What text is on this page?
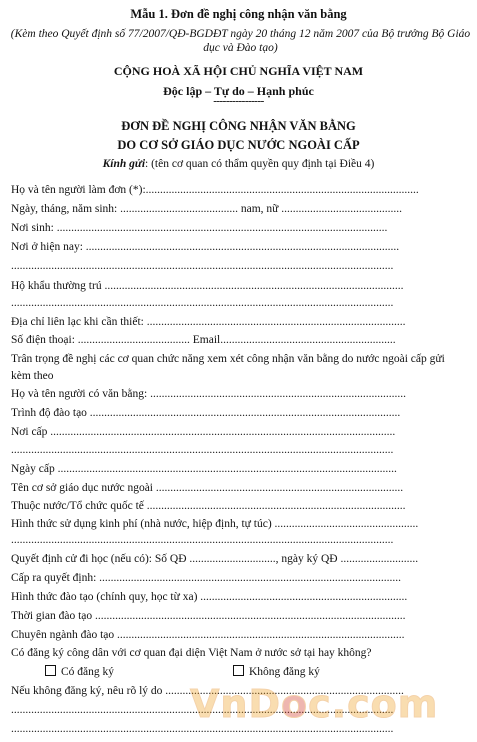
Mẫu 1. Đơn đề nghị công nhận văn bằng
(Kèm theo Quyết định số 77/2007/QĐ-BGDĐT ngày 20 tháng 12 năm 2007 của Bộ trưởng Bộ Giáo dục và Đào tạo)
CỘNG HOÀ XÃ HỘI CHỦ NGHĨA VIỆT NAM
Độc lập – Tự do – Hạnh phúc
----------------
ĐƠN ĐỀ NGHỊ CÔNG NHẬN VĂN BẰNG
DO CƠ SỞ GIÁO DỤC NƯỚC NGOÀI CẤP
Kính gửi: (tên cơ quan có thẩm quyền quy định tại Điều 4)
Họ và tên người làm đơn (*):...............................................................................................
Ngày, tháng, năm sinh: ......................................... nam, nữ ..........................................
Nơi sinh: ...................................................................................................................
Nơi ở hiện nay: .............................................................................................................
.....................................................................................................................................
Hộ khẩu thường trú ........................................................................................................
.....................................................................................................................................
Địa chỉ liên lạc khi cần thiết: ..........................................................................................
Số điện thoại: ....................................... Email.............................................................
Trân trọng đề nghị các cơ quan chức năng xem xét công nhận văn bằng do nước ngoài cấp gửi
kèm theo
Họ và tên người có văn bằng: .........................................................................................
Trình độ đào tạo ............................................................................................................
Nơi cấp ........................................................................................................................
.....................................................................................................................................
Ngày cấp ......................................................................................................................
Tên cơ sở giáo dục nước ngoài ......................................................................................
Thuộc nước/Tổ chức quốc tế ..........................................................................................
Hình thức sử dụng kinh phí (nhà nước, hiệp định, tự túc) ..................................................
.....................................................................................................................................
Quyết định cử đi học (nếu có): Số QĐ .............................., ngày ký QĐ ...........................
Cấp ra quyết định: .........................................................................................................
Hình thức đào tạo (chính quy, học từ xa) ........................................................................
Thời gian đào tạo ............................................................................................................
Chuyên ngành đào tạo ....................................................................................................
Có đăng ký công dân với cơ quan đại diện Việt Nam ở nước sở tại hay không?
Có đăng ký	Không đăng ký
Nếu không đăng ký, nêu rõ lý do ...................................................................................
.....................................................................................................................................
.....................................................................................................................................
VnDoc.com
